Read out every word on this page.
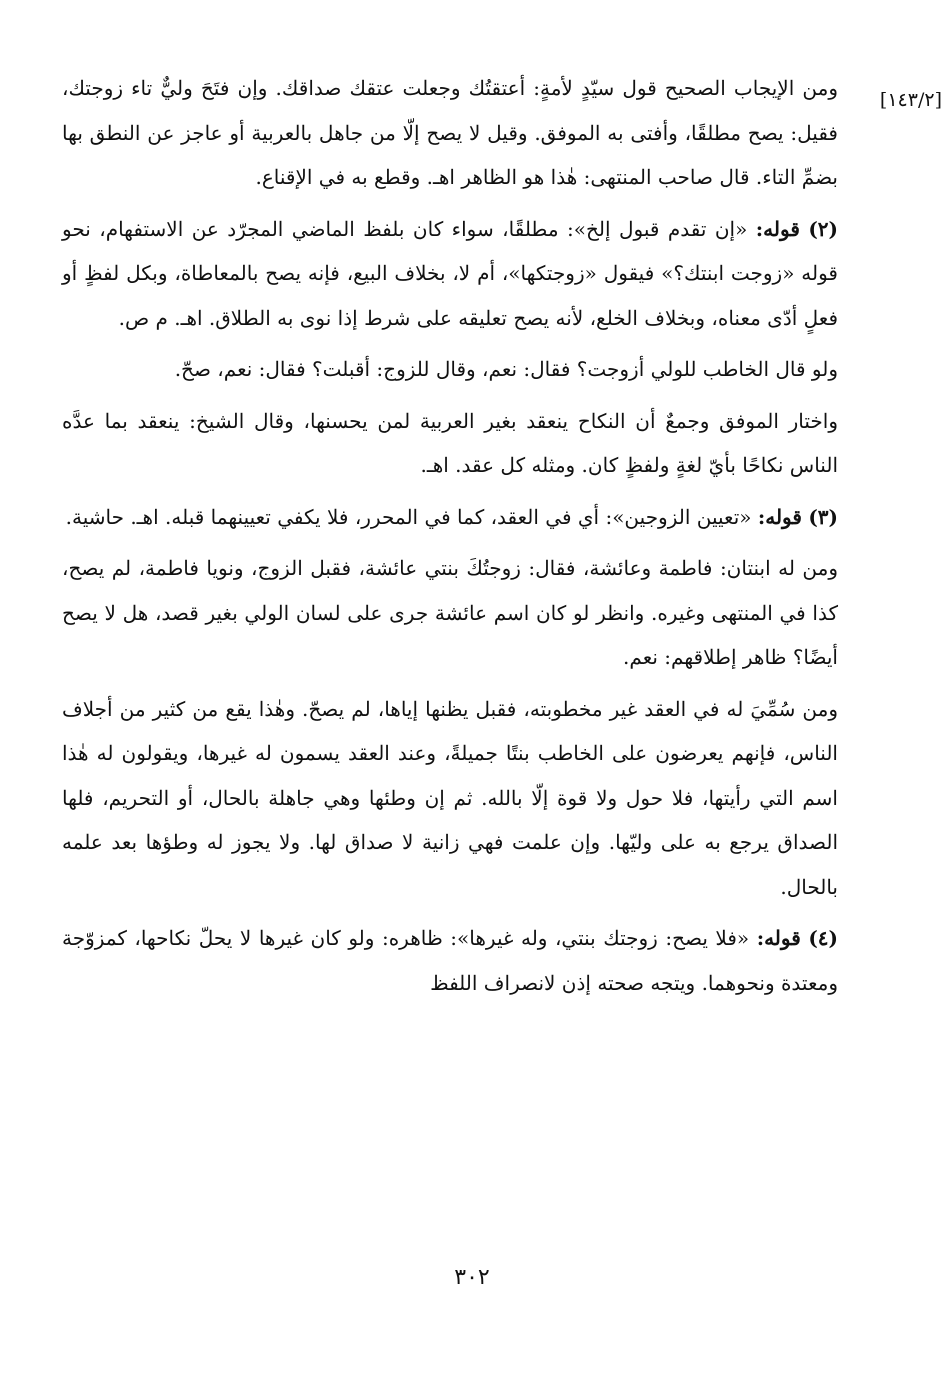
[١٤٣/٢]

ومن الإيجاب الصحيح قول سيّدٍ لأمةٍ: أعتقتُك وجعلت عتقك صداقك. وإن فتَحَ وليٌّ تاء زوجتك، فقيل: يصح مطلقًا، وأفتى به الموفق. وقيل لا يصح إلّا من جاهل بالعربية أو عاجز عن النطق بها بضمِّ التاء. قال صاحب المنتهى: هٰذا هو الظاهر اهـ. وقطع به في الإقناع.

(٢) قوله: «إن تقدم قبول إلخ»: مطلقًا، سواء كان بلفظ الماضي المجرّد عن الاستفهام، نحو قوله «زوجت ابنتك؟» فيقول «زوجتكها»، أم لا، بخلاف البيع، فإنه يصح بالمعاطاة، وبكل لفظٍ أو فعلٍ أدّى معناه، وبخلاف الخلع، لأنه يصح تعليقه على شرط إذا نوى به الطلاق. اهـ. م ص.

ولو قال الخاطب للولي أزوجت؟ فقال: نعم، وقال للزوج: أقبلت؟ فقال: نعم، صحّ.

واختار الموفق وجمعٌ أن النكاح ينعقد بغير العربية لمن يحسنها، وقال الشيخ: ينعقد بما عدَّه الناس نكاحًا بأيّ لغةٍ ولفظٍ كان. ومثله كل عقد. اهـ.

(٣) قوله: «تعيين الزوجين»: أي في العقد، كما في المحرر، فلا يكفي تعيينهما قبله. اهـ. حاشية.

ومن له ابنتان: فاطمة وعائشة، فقال: زوجتُكَ بنتي عائشة، فقبل الزوج، ونويا فاطمة، لم يصح، كذا في المنتهى وغيره. وانظر لو كان اسم عائشة جرى على لسان الولي بغير قصد، هل لا يصح أيضًا؟ ظاهر إطلاقهم: نعم.

ومن سُمِّيَ له في العقد غير مخطوبته، فقبل يظنها إياها، لم يصحّ. وهٰذا يقع من كثير من أجلاف الناس، فإنهم يعرضون على الخاطب بنتًا جميلةً، وعند العقد يسمون له غيرها، ويقولون له هٰذا اسم التي رأيتها، فلا حول ولا قوة إلّا بالله. ثم إن وطئها وهي جاهلة بالحال، أو التحريم، فلها الصداق يرجع به على وليّها. وإن علمت فهي زانية لا صداق لها. ولا يجوز له وطؤها بعد علمه بالحال.

(٤) قوله: «فلا يصح: زوجتك بنتي، وله غيرها»: ظاهره: ولو كان غيرها لا يحلّ نكاحها، كمزوّجة ومعتدة ونحوهما. ويتجه صحته إذن لانصراف اللفظ

٣٠٢
